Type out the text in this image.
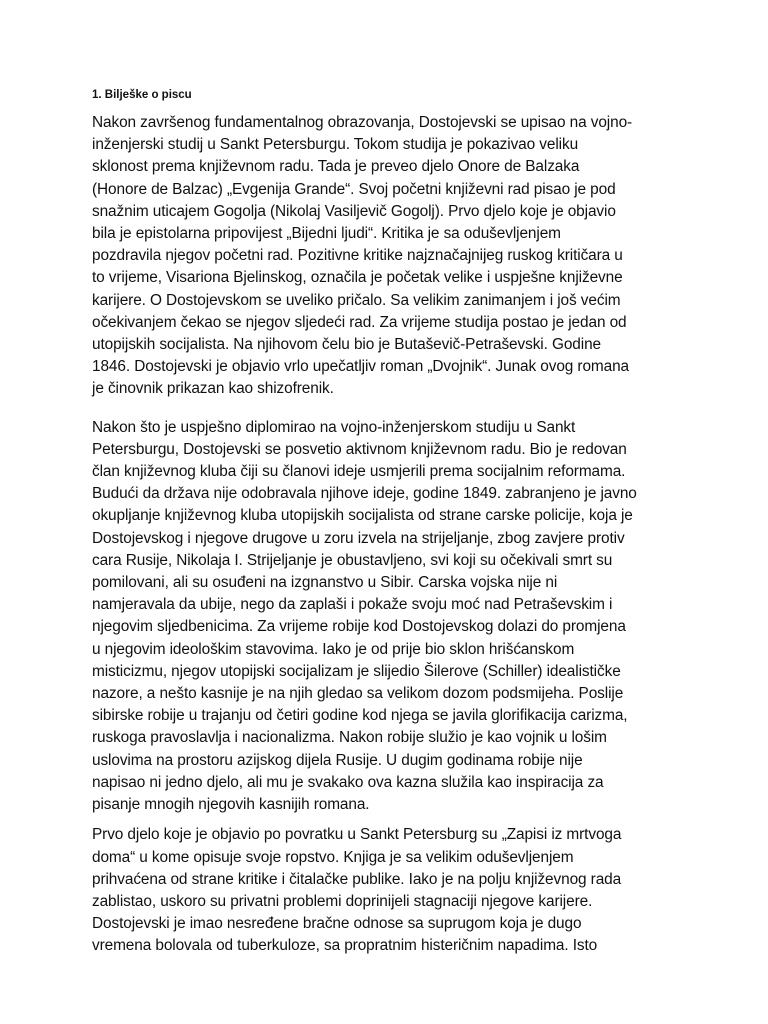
1. Bilješke o piscu
Nakon završenog fundamentalnog obrazovanja, Dostojevski se upisao na vojno-
inženjerski studij u Sankt Petersburgu. Tokom studija je pokazivao veliku
sklonost prema književnom radu. Tada je preveo djelo Onore de Balzaka
(Honore de Balzac) „Evgenija Grande“. Svoj početni književni rad pisao je pod
snažnim uticajem Gogolja (Nikolaj Vasiljevič Gogolj). Prvo djelo koje je objavio
bila je epistolarna pripovijest „Bijedni ljudi“. Kritika je sa oduševljenjem
pozdravila njegov početni rad. Pozitivne kritike najznačajnijeg ruskog kritičara u
to vrijeme, Visariona Bjelinskog, označila je početak velike i uspješne književne
karijere. O Dostojevskom se uveliko pričalo. Sa velikim zanimanjem i još većim
očekivanjem čekao se njegov sljedeći rad. Za vrijeme studija postao je jedan od
utopijskih socijalista. Na njihovom čelu bio je Butaševič-Petraševski. Godine
1846. Dostojevski je objavio vrlo upečatljiv roman „Dvojnik“. Junak ovog romana
je činovnik prikazan kao shizofrenik.
Nakon što je uspješno diplomirao na vojno-inženjerskom studiju u Sankt
Petersburgu, Dostojevski se posvetio aktivnom književnom radu. Bio je redovan
član književnog kluba čiji su članovi ideje usmjerili prema socijalnim reformama.
Budući da država nije odobravala njihove ideje, godine 1849. zabranjeno je javno
okupljanje književnog kluba utopijskih socijalista od strane carske policije, koja je
Dostojevskog i njegove drugove u zoru izvela na strijeljanje, zbog zavjere protiv
cara Rusije, Nikolaja I. Strijeljanje je obustavljeno, svi koji su očekivali smrt su
pomilovani, ali su osuđeni na izgnanstvo u Sibir. Carska vojska nije ni
namjeravala da ubije, nego da zaplaši i pokaže svoju moć nad Petraševskim i
njegovim sljedbenicima. Za vrijeme robije kod Dostojevskog dolazi do promjena
u njegovim ideološkim stavovima. Iako je od prije bio sklon hrišćanskom
misticizmu, njegov utopijski socijalizam je slijedio Šilerove (Schiller) idealističke
nazore, a nešto kasnije je na njih gledao sa velikom dozom podsmijeha. Poslije
sibirske robije u trajanju od četiri godine kod njega se javila glorifikacija carizma,
ruskoga pravoslavlja i nacionalizma. Nakon robije služio je kao vojnik u lošim
uslovima na prostoru azijskog dijela Rusije. U dugim godinama robije nije
napisao ni jedno djelo, ali mu je svakako ova kazna služila kao inspiracija za
pisanje mnogih njegovih kasnijih romana.
Prvo djelo koje je objavio po povratku u Sankt Petersburg su „Zapisi iz mrtvoga
doma“ u kome opisuje svoje ropstvo. Knjiga je sa velikim oduševljenjem
prihvaćena od strane kritike i čitalačke publike. Iako je na polju književnog rada
zablistao, uskoro su privatni problemi doprinijeli stagnaciji njegove karijere.
Dostojevski je imao nesređene bračne odnose sa suprugom koja je dugo
vremena bolovala od tuberkuloze, sa propratnim histeričnim napadima. Isto
